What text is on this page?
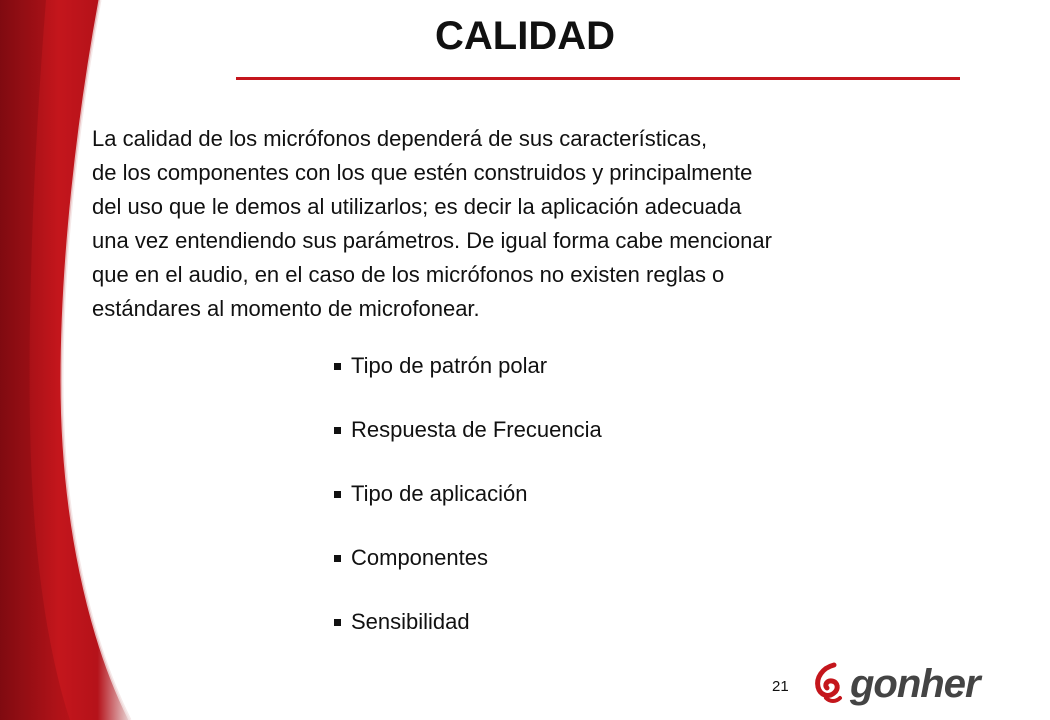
CALIDAD
La calidad de los micrófonos dependerá de sus características,
de los componentes con los que estén construidos y principalmente
del uso que le demos al utilizarlos; es decir la aplicación adecuada
una vez entendiendo sus parámetros. De igual forma cabe mencionar
que en el audio, en el caso de los micrófonos no existen reglas o
estándares al momento de microfonear.
Tipo de patrón polar
Respuesta de Frecuencia
Tipo de aplicación
Componentes
Sensibilidad
21 gonher
